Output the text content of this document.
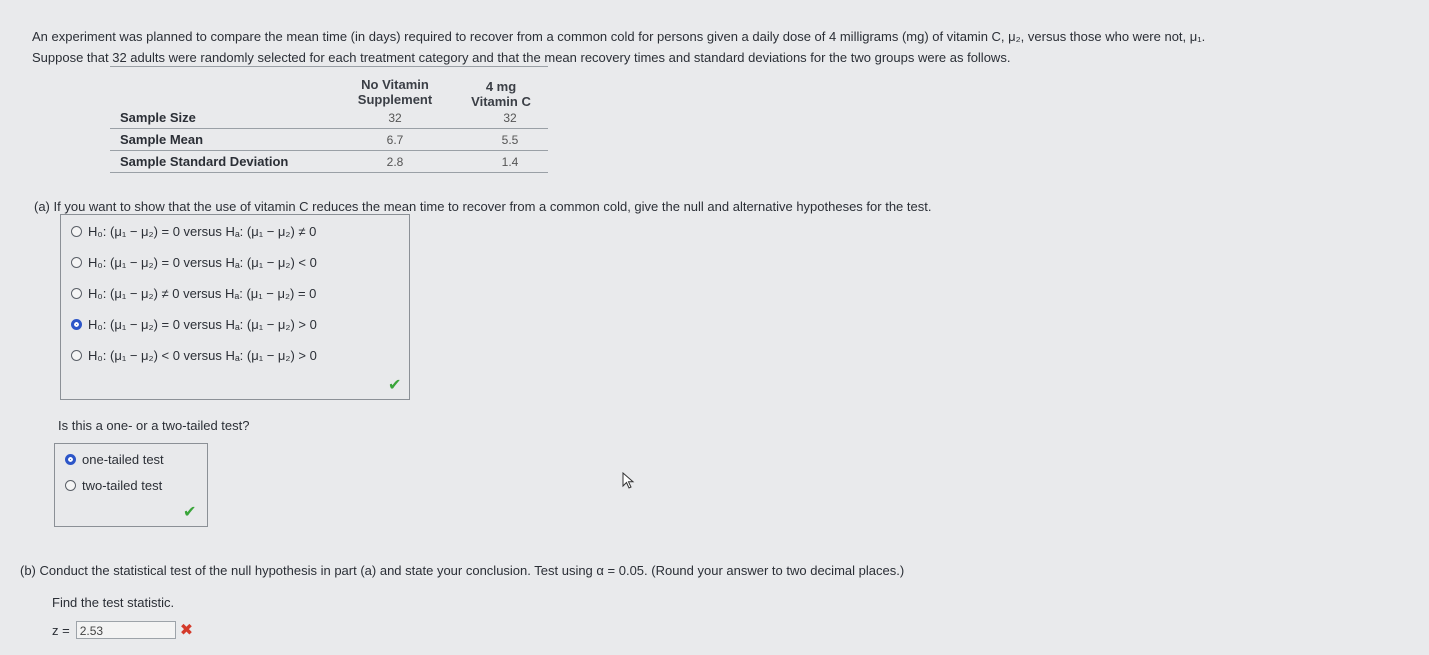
An experiment was planned to compare the mean time (in days) required to recover from a common cold for persons given a daily dose of 4 milligrams (mg) of vitamin C, μ₂, versus those who were not, μ₁.
Suppose that 32 adults were randomly selected for each treatment category and that the mean recovery times and standard deviations for the two groups were as follows.
No Vitamin Supplement
4 mg Vitamin C
Sample Size	32	32
Sample Mean	6.7	5.5
Sample Standard Deviation	2.8	1.4
(a) If you want to show that the use of vitamin C reduces the mean time to recover from a common cold, give the null and alternative hypotheses for the test.
H₀: (μ₁ − μ₂) = 0 versus Hₐ: (μ₁ − μ₂) ≠ 0
H₀: (μ₁ − μ₂) = 0 versus Hₐ: (μ₁ − μ₂) < 0
H₀: (μ₁ − μ₂) ≠ 0 versus Hₐ: (μ₁ − μ₂) = 0
H₀: (μ₁ − μ₂) = 0 versus Hₐ: (μ₁ − μ₂) > 0
H₀: (μ₁ − μ₂) < 0 versus Hₐ: (μ₁ − μ₂) > 0
✔
Is this a one- or a two-tailed test?
one-tailed test
two-tailed test
✔
(b) Conduct the statistical test of the null hypothesis in part (a) and state your conclusion. Test using α = 0.05. (Round your answer to two decimal places.)
Find the test statistic.
z = 2.53	✖
